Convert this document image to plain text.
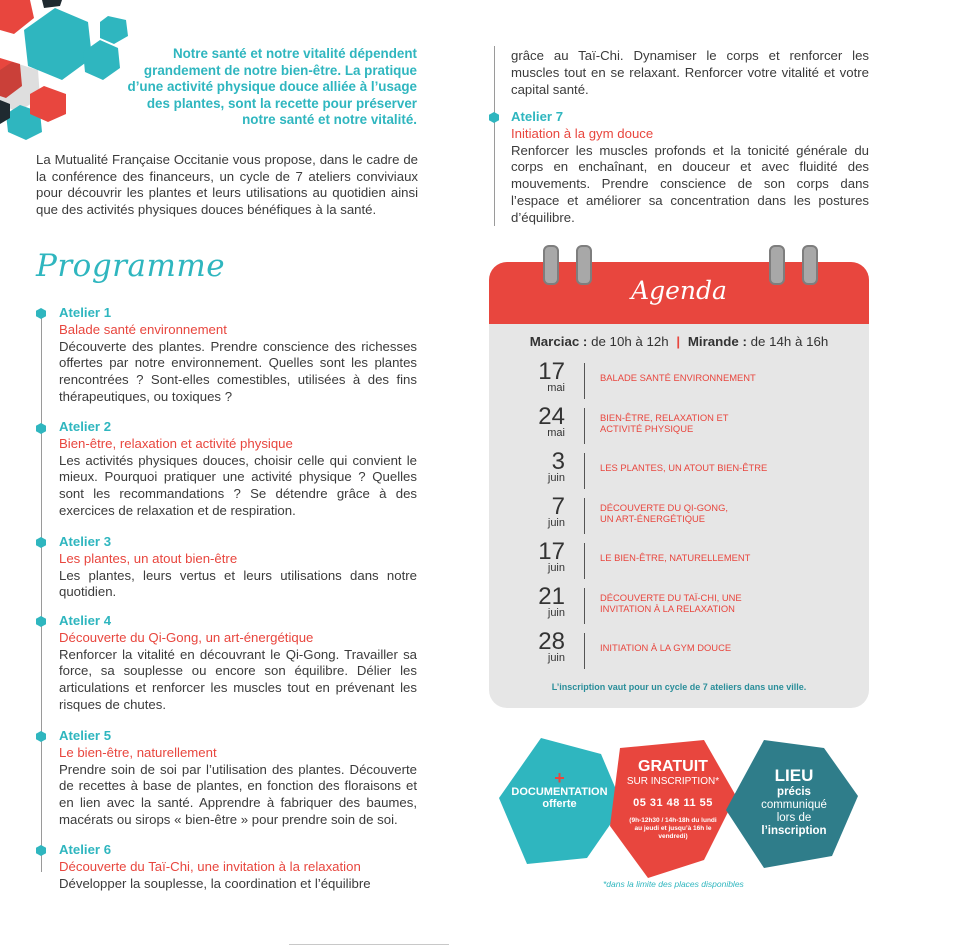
Notre santé et notre vitalité dépendent grandement de notre bien-être. La pratique d’une activité physique douce alliée à l’usage des plantes, sont la recette pour préserver notre santé et notre vitalité.
La Mutualité Française Occitanie vous propose, dans le cadre de la conférence des financeurs, un cycle de 7 ateliers conviviaux pour découvrir les plantes et leurs utilisations au quotidien ainsi que des activités physiques douces bénéfiques à la santé.
Programme
Atelier 1
Balade santé environnement
Découverte des plantes. Prendre conscience des richesses offertes par notre environnement. Quelles sont les plantes rencontrées ? Sont-elles comestibles, utilisées à des fins thérapeutiques, ou toxiques ?
Atelier 2
Bien-être, relaxation et activité physique
Les activités physiques douces, choisir celle qui convient le mieux. Pourquoi pratiquer une activité physique ? Quelles sont les recommandations ? Se détendre grâce à des exercices de relaxation et de respiration.
Atelier 3
Les plantes, un atout bien-être
Les plantes, leurs vertus et leurs utilisations dans notre quotidien.
Atelier 4
Découverte du Qi-Gong, un art-énergétique
Renforcer la vitalité en découvrant le Qi-Gong. Travailler sa force, sa souplesse ou encore son équilibre. Délier les articulations et renforcer les muscles tout en prévenant les risques de chutes.
Atelier 5
Le bien-être, naturellement
Prendre soin de soi par l’utilisation des plantes. Découverte de recettes à base de plantes, en fonction des floraisons et en lien avec la santé. Apprendre à fabriquer des baumes, macérats ou sirops « bien-être » pour prendre soin de soi.
Atelier 6
Découverte du Taï-Chi, une invitation à la relaxation
Développer la souplesse, la coordination et l’équilibre
grâce au Taï-Chi. Dynamiser le corps et renforcer les muscles tout en se relaxant. Renforcer votre vitalité et votre capital santé.
Atelier 7
Initiation à la gym douce
Renforcer les muscles profonds et la tonicité générale du corps en enchaînant, en douceur et avec fluidité des mouvements. Prendre conscience de son corps dans l’espace et améliorer sa concentration dans les postures d’équilibre.
Agenda
Marciac : de 10h à 12h | Mirande : de 14h à 16h
17
mai
BALADE SANTÉ ENVIRONNEMENT
24
mai
BIEN-ÊTRE, RELAXATION ET ACTIVITÉ PHYSIQUE
3
juin
LES PLANTES, UN ATOUT BIEN-ÊTRE
7
juin
DÉCOUVERTE DU QI-GONG, UN ART-ÉNERGÉTIQUE
17
juin
LE BIEN-ÊTRE, NATURELLEMENT
21
juin
DÉCOUVERTE DU TAÏ-CHI, UNE INVITATION À LA RELAXATION
28
juin
INITIATION À LA GYM DOUCE
L’inscription vaut pour un cycle de 7 ateliers dans une ville.
+
DOCUMENTATION
offerte
GRATUIT
SUR INSCRIPTION*
05 31 48 11 55
(9h-12h30 / 14h-18h du lundi au jeudi et jusqu’à 16h le vendredi)
LIEU
précis
communiqué
lors de
l’inscription
*dans la limite des places disponibles
